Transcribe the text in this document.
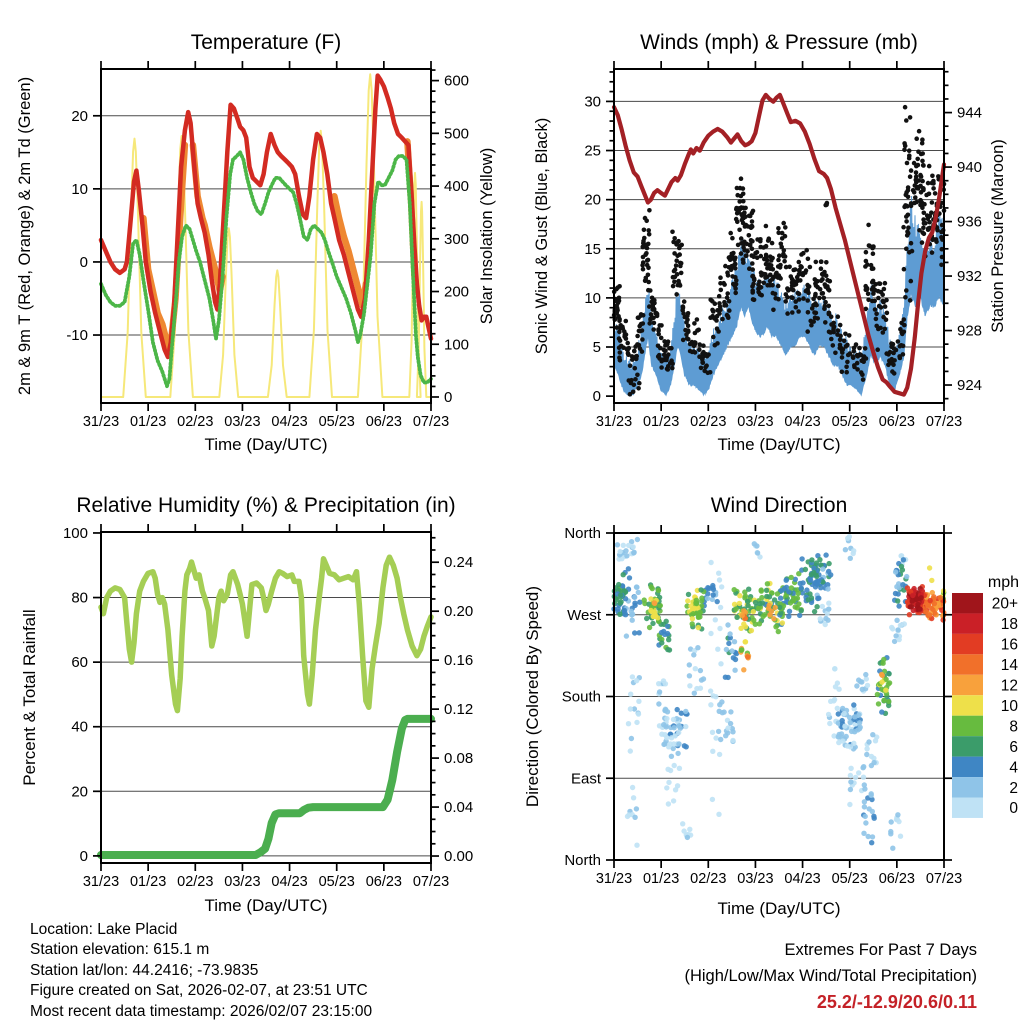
31/23 01/23 02/23 03/23 04/23 05/23 06/23 07/23
-10
0
10
20
0
100
200
300
400
500
600
Temperature (F)
Time (Day/UTC)
2m & 9m T (Red, Orange) & 2m Td (Green)	Solar Insolation (Yellow)
31/23 01/23 02/23 03/23 04/23 05/23 06/23 07/23
0
5
10
15
20
25
30
924
928
932
936
940
944
Winds (mph) & Pressure (mb)
Time (Day/UTC)
Sonic Wind & Gust (Blue, Black)	Station Pressure (Maroon)
31/23 01/23 02/23 03/23 04/23 05/23 06/23 07/23
0
20
40
60
80
100
0.00
0.04
0.08
0.12
0.16
0.20
0.24
Relative Humidity (%) & Precipitation (in)
Time (Day/UTC)
Percent & Total Rainfall
31/23 01/23 02/23 03/23 04/23 05/23 06/23 07/23
North
West
South
East
North
Wind Direction
Time (Day/UTC)
Direction (Colored By Speed)
mph
20+
18
16
14
12
10
8
6
4
2
0
Location: Lake Placid
Station elevation: 615.1 m
Station lat/lon: 44.2416; -73.9835
Figure created on Sat, 2026-02-07, at 23:51 UTC
Most recent data timestamp: 2026/02/07 23:15:00
Extremes For Past 7 Days
(High/Low/Max Wind/Total Precipitation)
25.2/-12.9/20.6/0.11
